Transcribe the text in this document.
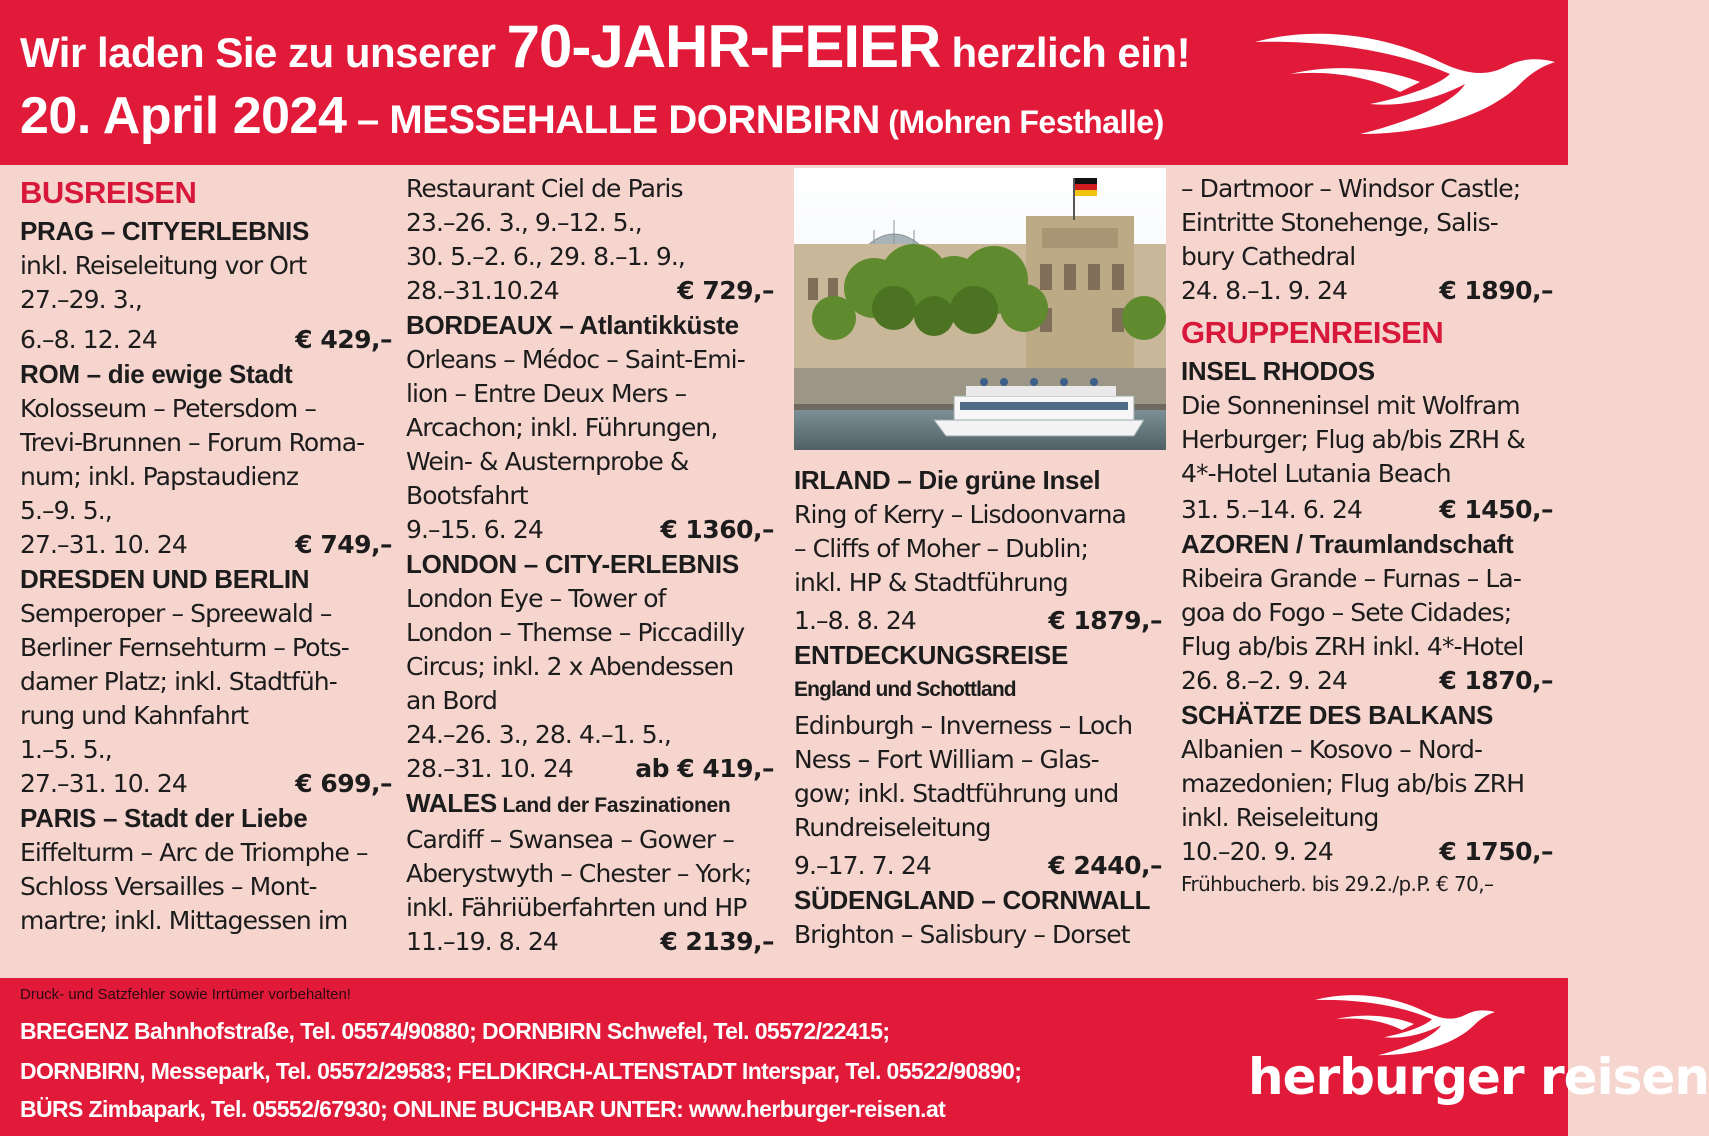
Wir laden Sie zu unserer 70-JAHR-FEIER herzlich ein!
20. April 2024 – MESSEHALLE DORNBIRN (Mohren Festhalle)
BUSREISEN
PRAG – CITYERLEBNIS
inkl. Reiseleitung vor Ort
27.–29. 3.,
6.–8. 12. 24	€ 429,–
ROM – die ewige Stadt
Kolosseum – Petersdom –
Trevi-Brunnen – Forum Roma-
num; inkl. Papstaudienz
5.–9. 5.,
27.–31. 10. 24	€ 749,–
DRESDEN UND BERLIN
Semperoper – Spreewald –
Berliner Fernsehturm – Pots-
damer Platz; inkl. Stadtfüh-
rung und Kahnfahrt
1.–5. 5.,
27.–31. 10. 24	€ 699,–
PARIS – Stadt der Liebe
Eiffelturm – Arc de Triomphe –
Schloss Versailles – Mont-
martre; inkl. Mittagessen im
Restaurant Ciel de Paris
23.–26. 3., 9.–12. 5.,
30. 5.–2. 6., 29. 8.–1. 9.,
28.–31.10.24	€ 729,–
BORDEAUX – Atlantikküste
Orleans – Médoc – Saint-Emi-
lion – Entre Deux Mers –
Arcachon; inkl. Führungen,
Wein- & Austernprobe &
Bootsfahrt
9.–15. 6. 24	€ 1360,–
LONDON – CITY-ERLEBNIS
London Eye – Tower of
London – Themse – Piccadilly
Circus; inkl. 2 x Abendessen
an Bord
24.–26. 3., 28. 4.–1. 5.,
28.–31. 10. 24 ab € 419,–
WALES Land der Faszinationen
Cardiff – Swansea – Gower –
Aberystwyth – Chester – York;
inkl. Fähriüberfahrten und HP
11.–19. 8. 24	€ 2139,–
IRLAND – Die grüne Insel
Ring of Kerry – Lisdoonvarna
– Cliffs of Moher – Dublin;
inkl. HP & Stadtführung
1.–8. 8. 24	€ 1879,–
ENTDECKUNGSREISE
England und Schottland
Edinburgh – Inverness – Loch
Ness – Fort William – Glas-
gow; inkl. Stadtführung und
Rundreiseleitung
9.–17. 7. 24	€ 2440,–
SÜDENGLAND – CORNWALL
Brighton – Salisbury – Dorset
– Dartmoor – Windsor Castle;
Eintritte Stonehenge, Salis-
bury Cathedral
24. 8.–1. 9. 24	€ 1890,–
GRUPPENREISEN
INSEL RHODOS
Die Sonneninsel mit Wolfram
Herburger; Flug ab/bis ZRH &
4*-Hotel Lutania Beach
31. 5.–14. 6. 24	€ 1450,–
AZOREN / Traumlandschaft
Ribeira Grande – Furnas – La-
goa do Fogo – Sete Cidades;
Flug ab/bis ZRH inkl. 4*-Hotel
26. 8.–2. 9. 24	€ 1870,–
SCHÄTZE DES BALKANS
Albanien – Kosovo – Nord-
mazedonien; Flug ab/bis ZRH
inkl. Reiseleitung
10.–20. 9. 24	€ 1750,–
Frühbucherb. bis 29.2./p.P. € 70,–
Druck- und Satzfehler sowie Irrtümer vorbehalten!
BREGENZ Bahnhofstraße, Tel. 05574/90880; DORNBIRN Schwefel, Tel. 05572/22415;
DORNBIRN, Messepark, Tel. 05572/29583; FELDKIRCH-ALTENSTADT Interspar, Tel. 05522/90890;
BÜRS Zimbapark, Tel. 05552/67930; ONLINE BUCHBAR UNTER: www.herburger-reisen.at
herburger reisen
